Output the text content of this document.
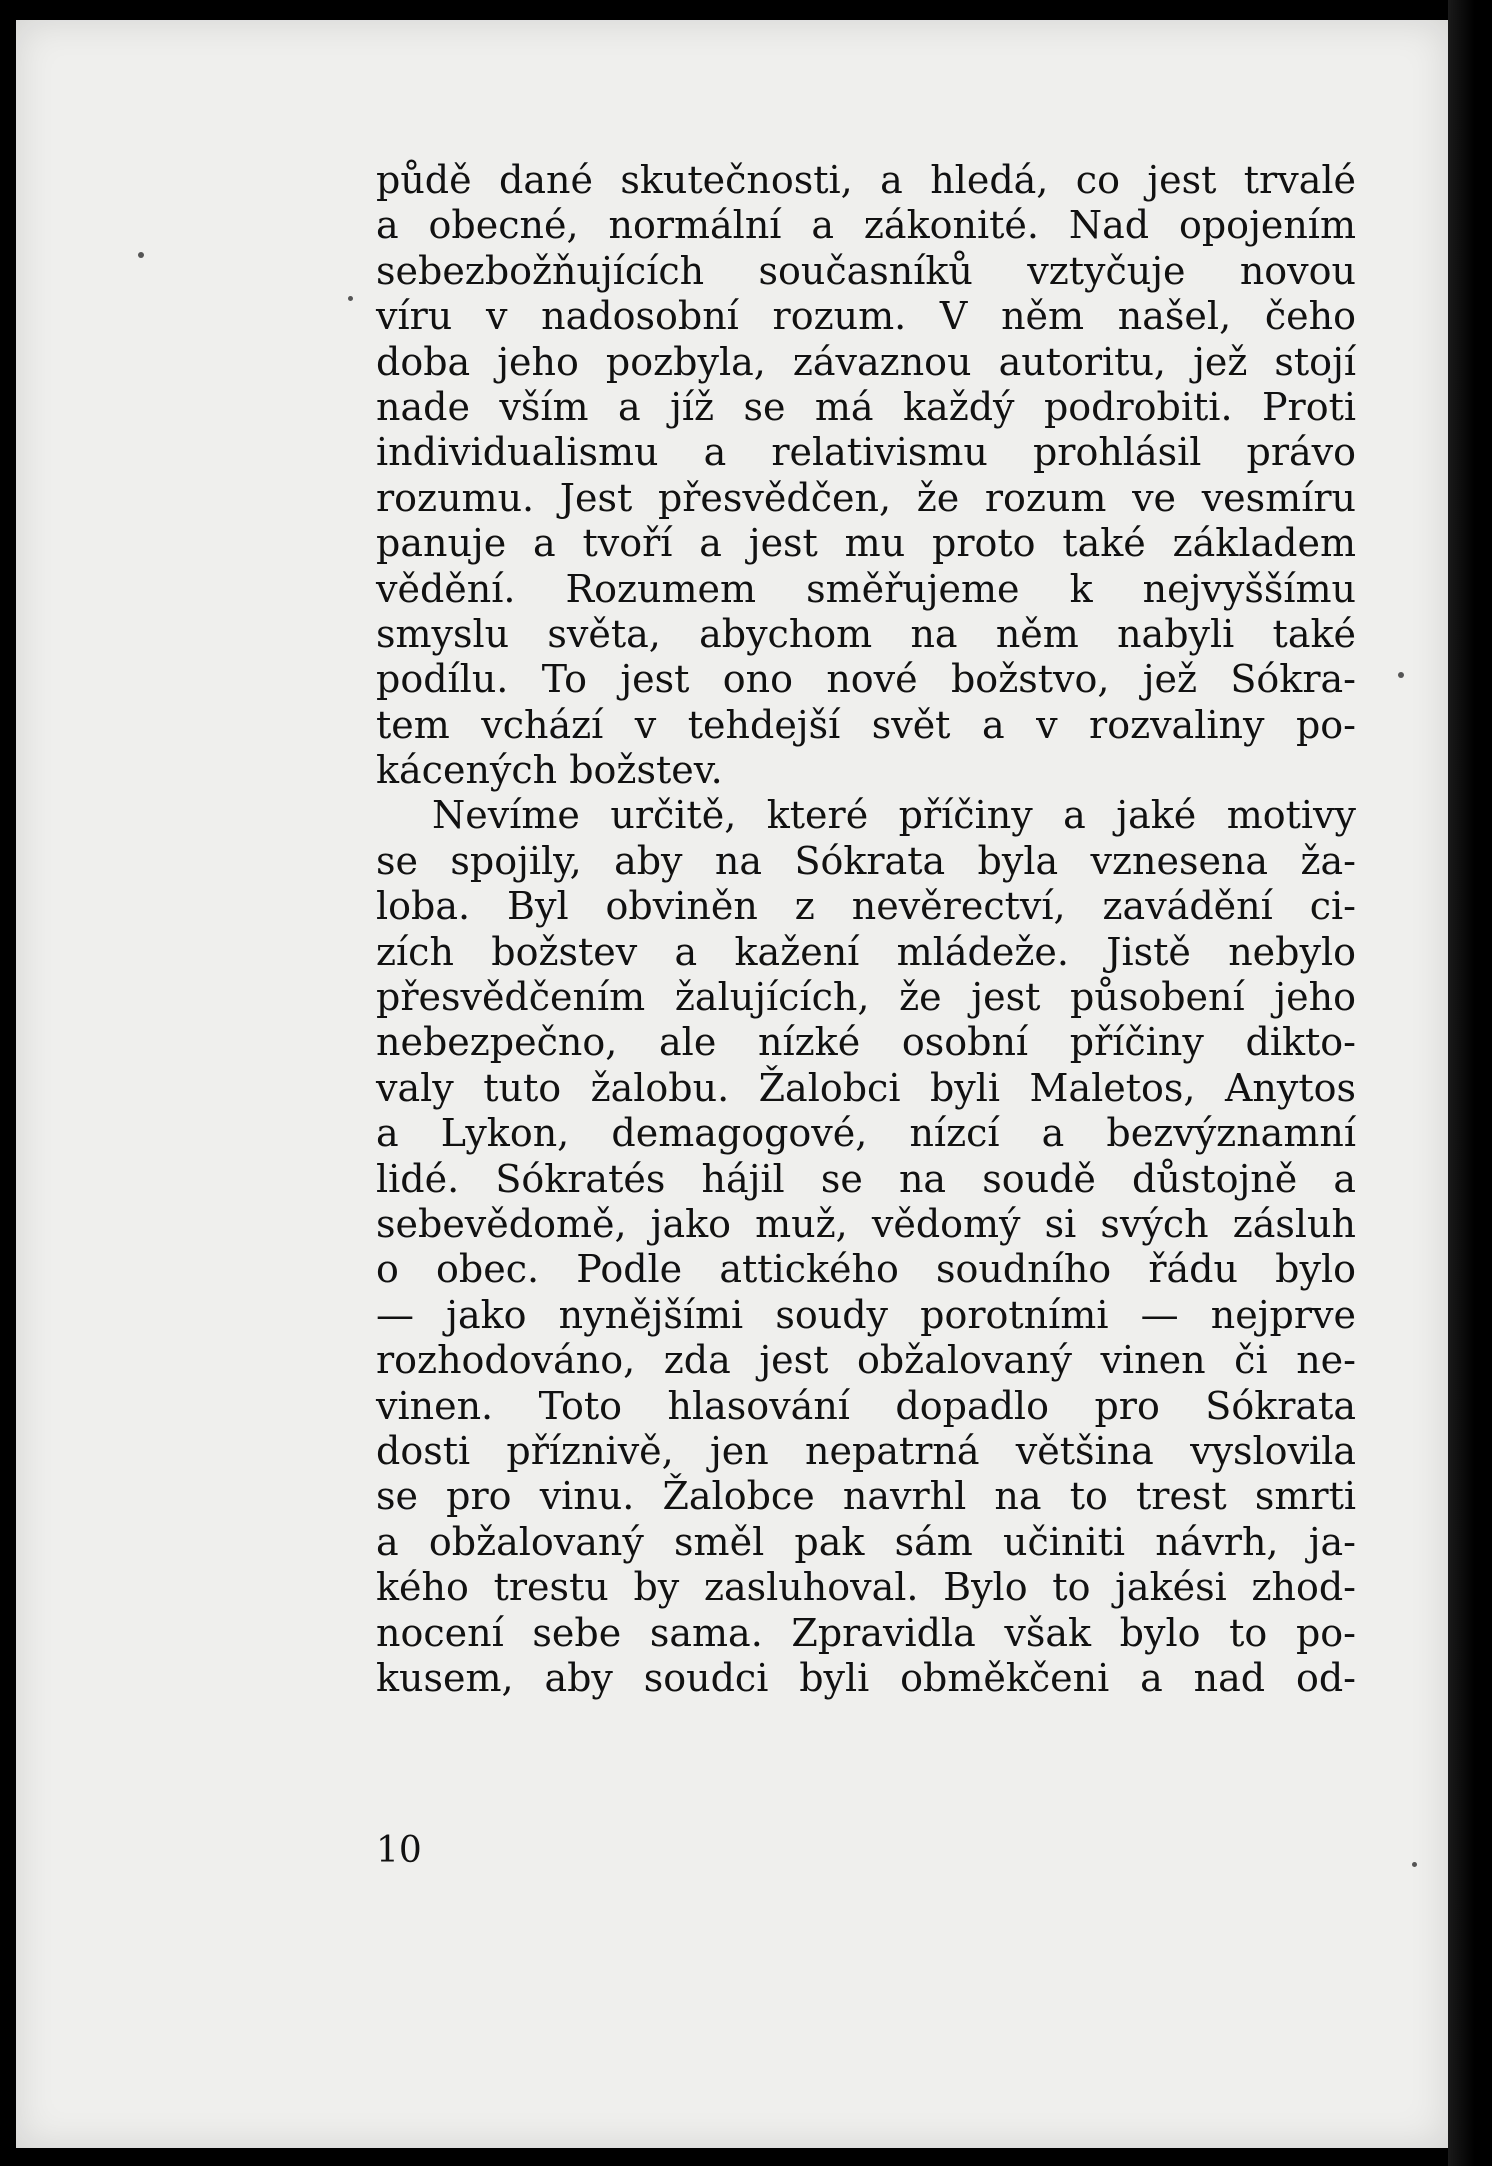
půdě dané skutečnosti, a hledá, co jest trvalé
a obecné, normální a zákonité. Nad opojením
sebezbožňujících současníků vztyčuje novou
víru v nadosobní rozum. V něm našel, čeho
doba jeho pozbyla, závaznou autoritu, jež stojí
nade vším a jíž se má každý podrobiti. Proti
individualismu a relativismu prohlásil právo
rozumu. Jest přesvědčen, že rozum ve vesmíru
panuje a tvoří a jest mu proto také základem
vědění. Rozumem směřujeme k nejvyššímu
smyslu světa, abychom na něm nabyli také
podílu. To jest ono nové božstvo, jež Sókra-
tem vchází v tehdejší svět a v rozvaliny po-
kácených božstev.
Nevíme určitě, které příčiny a jaké motivy
se spojily, aby na Sókrata byla vznesena ža-
loba. Byl obviněn z nevěrectví, zavádění ci-
zích božstev a kažení mládeže. Jistě nebylo
přesvědčením žalujících, že jest působení jeho
nebezpečno, ale nízké osobní příčiny dikto-
valy tuto žalobu. Žalobci byli Maletos, Anytos
a Lykon, demagogové, nízcí a bezvýznamní
lidé. Sókratés hájil se na soudě důstojně a
sebevědomě, jako muž, vědomý si svých zásluh
o obec. Podle attického soudního řádu bylo
— jako nynějšími soudy porotními — nejprve
rozhodováno, zda jest obžalovaný vinen či ne-
vinen. Toto hlasování dopadlo pro Sókrata
dosti příznivě, jen nepatrná většina vyslovila
se pro vinu. Žalobce navrhl na to trest smrti
a obžalovaný směl pak sám učiniti návrh, ja-
kého trestu by zasluhoval. Bylo to jakési zhod-
nocení sebe sama. Zpravidla však bylo to po-
kusem, aby soudci byli obměkčeni a nad od-
10
